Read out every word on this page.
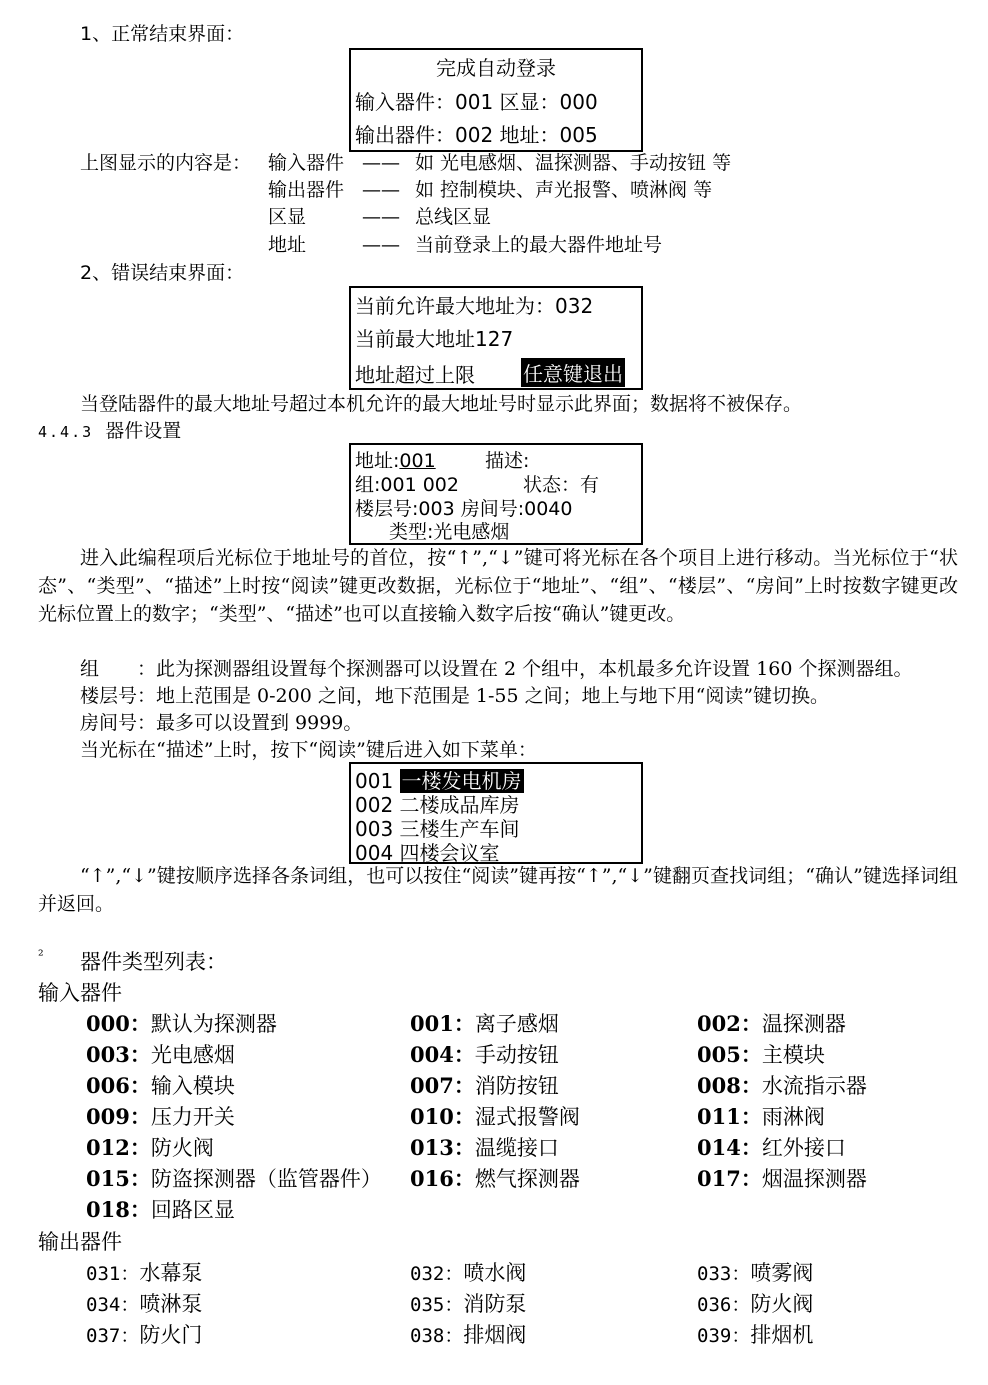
1、正常结束界面：
完成自动登录
输入器件：001 区显：000
输出器件：002 地址：005
上图显示的内容是： 输入器件 —— 如 光电感烟、温探测器、手动按钮 等
输出器件 —— 如 控制模块、声光报警、喷淋阀 等
区显	—— 总线区显
地址	—— 当前登录上的最大器件地址号
2、错误结束界面：
当前允许最大地址为：032
当前最大地址127
地址超过上限 任意键退出
当登陆器件的最大地址号超过本机允许的最大地址号时显示此界面；数据将不被保存。
4.4.3 器件设置
地址:001	描述:
组:001 002	状态：有
楼层号:003 房间号:0040
类型:光电感烟
进入此编程项后光标位于地址号的首位，按“↑”,“↓”键可将光标在各个项目上进行移动。当光标位于“状态”、“类型”、“描述”上时按“阅读”键更改数据，光标位于“地址”、“组”、“楼层”、“房间”上时按数字键更改光标位置上的数字；“类型”、“描述”也可以直接输入数字后按“确认”键更改。
组　　：此为探测器组设置每个探测器可以设置在 2 个组中，本机最多允许设置 160 个探测器组。
楼层号：地上范围是 0-200 之间，地下范围是 1-55 之间；地上与地下用“阅读”键切换。
房间号：最多可以设置到 9999。
当光标在“描述”上时，按下“阅读”键后进入如下菜单：
001 一楼发电机房
002 二楼成品库房
003 三楼生产车间
004 四楼会议室
“↑”,“↓”键按顺序选择各条词组，也可以按住“阅读”键再按“↑”,“↓”键翻页查找词组；“确认”键选择词组并返回。
² 器件类型列表：
输入器件
000：默认为探测器	001：离子感烟	002：温探测器
003：光电感烟	004：手动按钮	005：主模块
006：输入模块	007：消防按钮	008：水流指示器
009：压力开关	010：湿式报警阀	011：雨淋阀
012：防火阀	013：温缆接口	014：红外接口
015：防盗探测器（监管器件） 016：燃气探测器	017：烟温探测器
018：回路区显
输出器件
031：水幕泵	032：喷水阀	033：喷雾阀
034：喷淋泵	035：消防泵	036：防火阀
037：防火门	038：排烟阀	039：排烟机
